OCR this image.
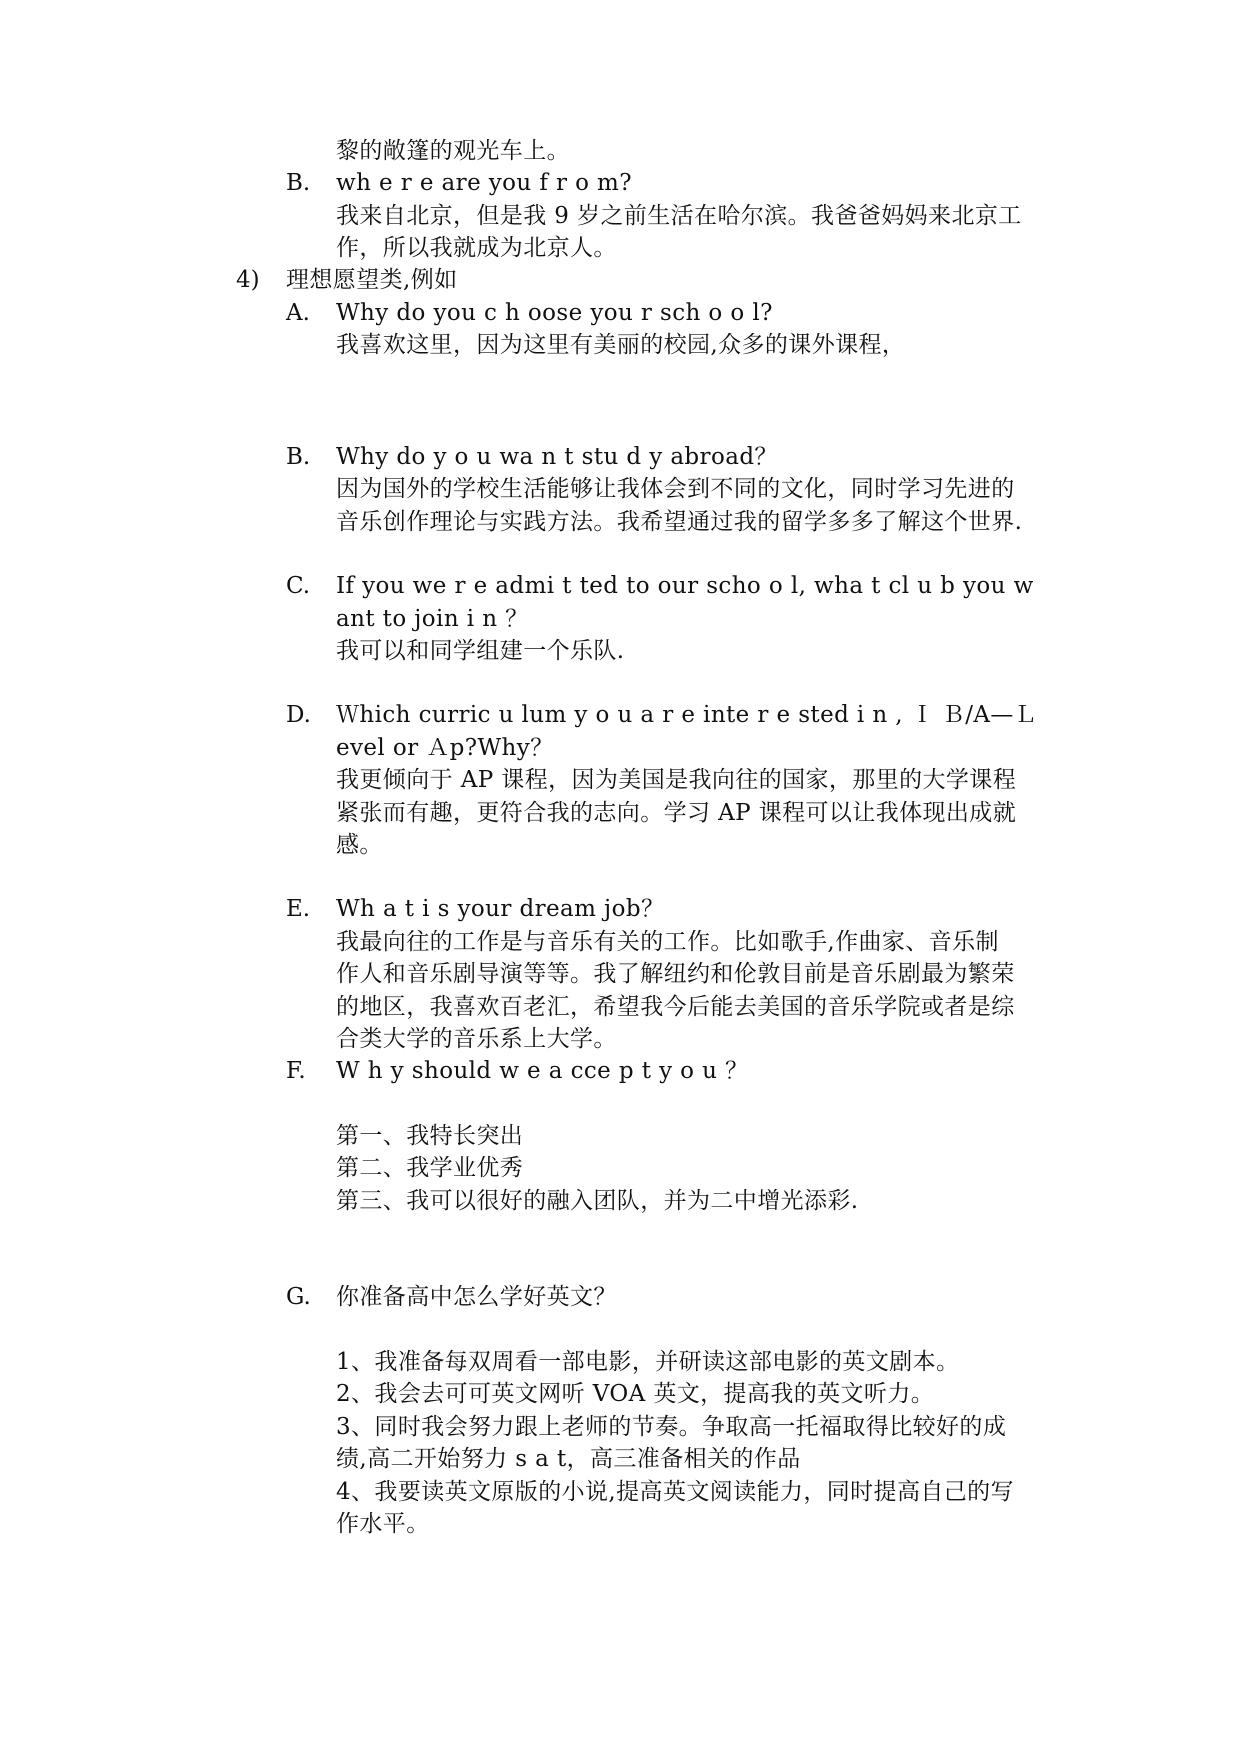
黎的敞篷的观光车上。
B. wh e r e are you f r o m?
我来自北京，但是我 9 岁之前生活在哈尔滨。我爸爸妈妈来北京工
作，所以我就成为北京人。
4) 理想愿望类,例如
A. Why do you c h oose you r sch o o l?
我喜欢这里，因为这里有美丽的校园,众多的课外课程，
B. Why do y o u wa n t stu d y abroad？
因为国外的学校生活能够让我体会到不同的文化，同时学习先进的
音乐创作理论与实践方法。我希望通过我的留学多多了解这个世界.
C. If you we r e admi t ted to our scho o l, wha t cl u b you w
ant to join i n ？
我可以和同学组建一个乐队.
D. Ｗhich curric u lum y o u a r e inte r e sted i n , Ｉ Ｂ/A—Ｌ
evel or Ａp?Why？
我更倾向于 AP 课程，因为美国是我向往的国家，那里的大学课程
紧张而有趣，更符合我的志向。学习 AP 课程可以让我体现出成就
感。
E. Wh a t i s your dream job？
我最向往的工作是与音乐有关的工作。比如歌手,作曲家、音乐制
作人和音乐剧导演等等。我了解纽约和伦敦目前是音乐剧最为繁荣
的地区，我喜欢百老汇，希望我今后能去美国的音乐学院或者是综
合类大学的音乐系上大学。
F. W h y should w e a cce p t y o u ？
第一、我特长突出
第二、我学业优秀
第三、我可以很好的融入团队，并为二中增光添彩.
G. 你准备高中怎么学好英文？
1、我准备每双周看一部电影，并研读这部电影的英文剧本。
2、我会去可可英文网听 VOA 英文，提高我的英文听力。
3、同时我会努力跟上老师的节奏。争取高一托福取得比较好的成
绩,高二开始努力 s a t，高三准备相关的作品
4、我要读英文原版的小说,提高英文阅读能力，同时提高自己的写
作水平。
